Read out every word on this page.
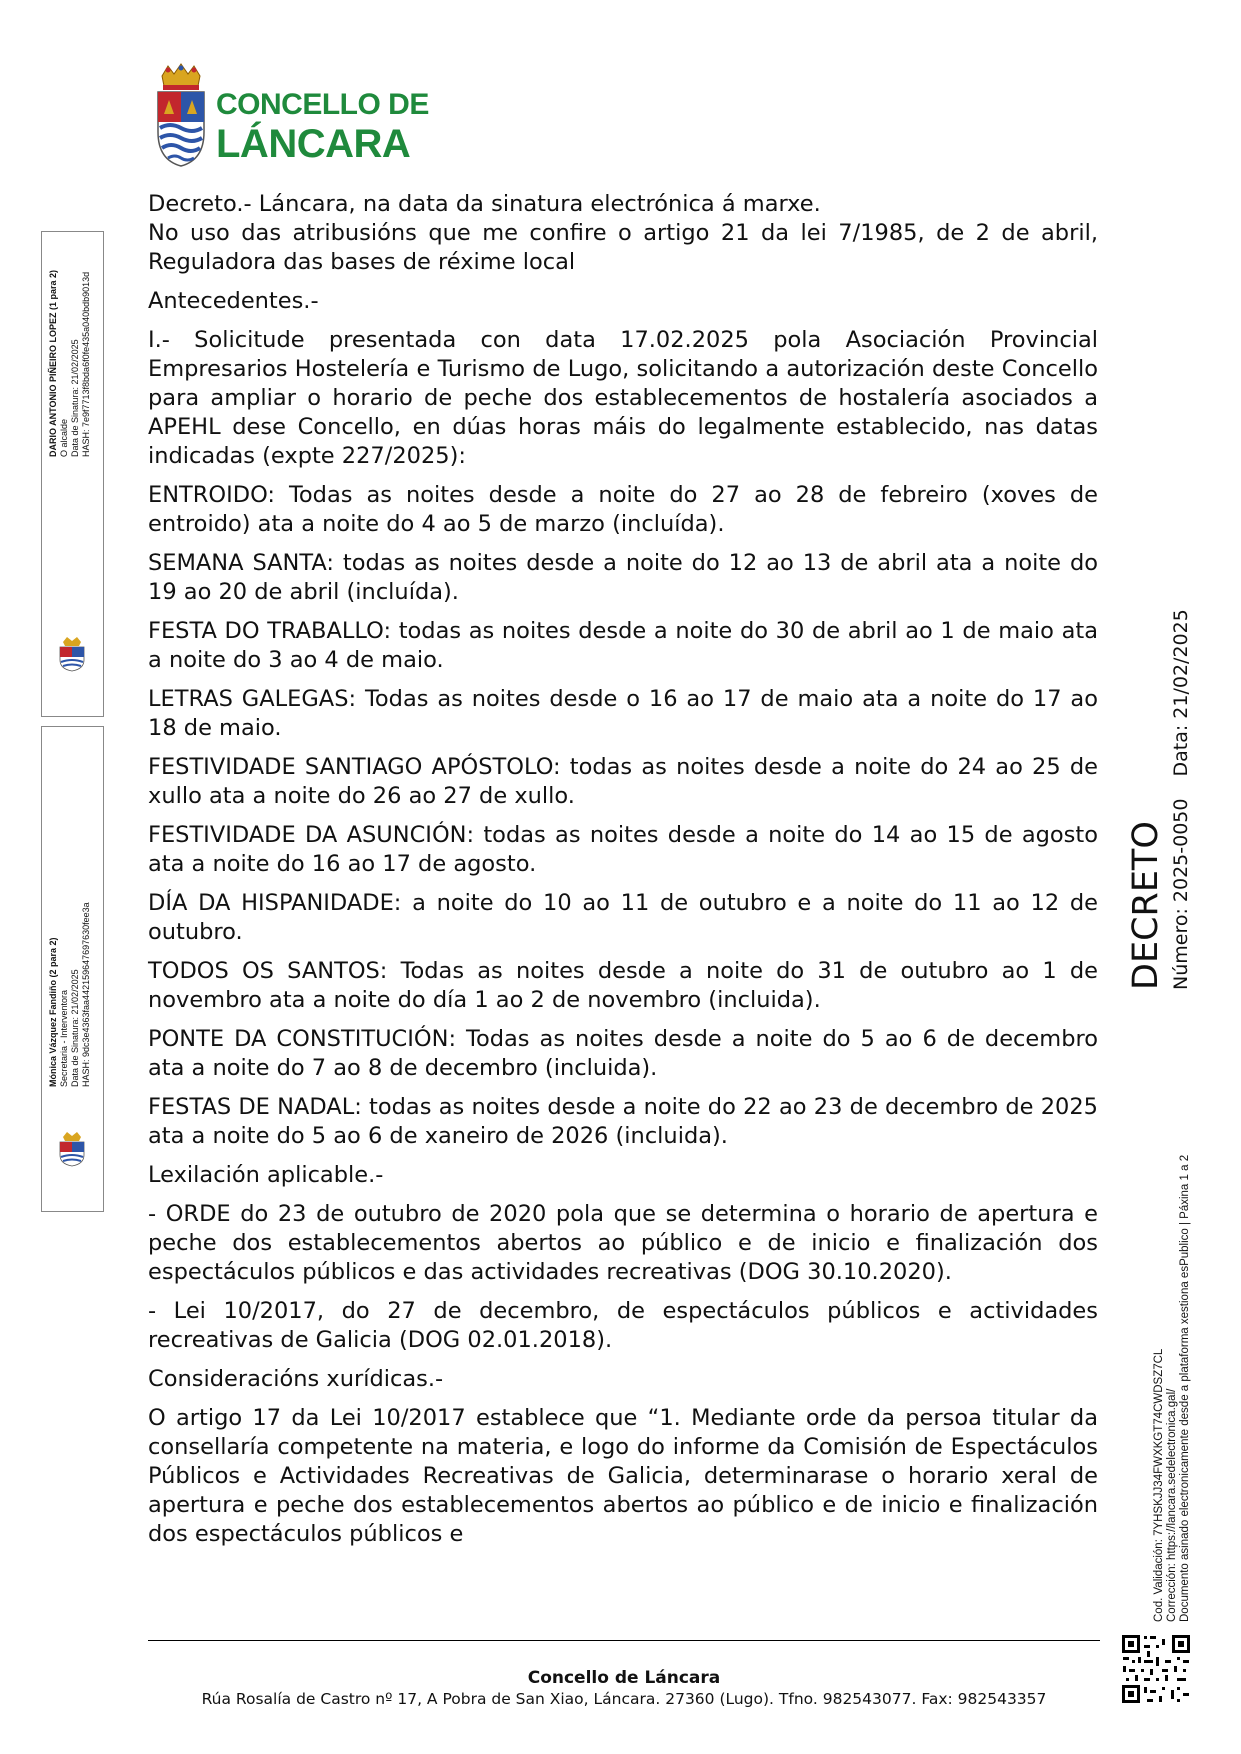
CONCELLO DE
LÁNCARA

Decreto.- Láncara, na data da sinatura electrónica á marxe.

No uso das atribusións que me confire o artigo 21 da lei 7/1985, de 2 de abril, Reguladora das bases de réxime local

Antecedentes.-

I.- Solicitude presentada con data 17.02.2025 pola Asociación Provincial Empresarios Hostelería e Turismo de Lugo, solicitando a autorización deste Concello para ampliar o horario de peche dos establecementos de hostalería asociados a APEHL dese Concello, en dúas horas máis do legalmente establecido, nas datas indicadas (expte 227/2025):

ENTROIDO: Todas as noites desde a noite do 27 ao 28 de febreiro (xoves de entroido) ata a noite do 4 ao 5 de marzo (incluída).

SEMANA SANTA: todas as noites desde a noite do 12 ao 13 de abril ata a noite do 19 ao 20 de abril (incluída).

FESTA DO TRABALLO: todas as noites desde a noite do 30 de abril ao 1 de maio ata a noite do 3 ao 4 de maio.

LETRAS GALEGAS: Todas as noites desde o 16 ao 17 de maio ata a noite do 17 ao 18 de maio.

FESTIVIDADE SANTIAGO APÓSTOLO: todas as noites desde a noite do 24 ao 25 de xullo ata a noite do 26 ao 27 de xullo.

FESTIVIDADE DA ASUNCIÓN: todas as noites desde a noite do 14 ao 15 de agosto ata a noite do 16 ao 17 de agosto.

DÍA DA HISPANIDADE: a noite do 10 ao 11 de outubro e a noite do 11 ao 12 de outubro.

TODOS OS SANTOS: Todas as noites desde a noite do 31 de outubro ao 1 de novembro ata a noite do día 1 ao 2 de novembro (incluida).

PONTE DA CONSTITUCIÓN: Todas as noites desde a noite do 5 ao 6 de decembro ata a noite do 7 ao 8 de decembro (incluida).

FESTAS DE NADAL: todas as noites desde a noite do 22 ao 23 de decembro de 2025 ata a noite do 5 ao 6 de xaneiro de 2026 (incluida).

Lexilación aplicable.-

- ORDE do 23 de outubro de 2020 pola que se determina o horario de apertura e peche dos establecementos abertos ao público e de inicio e finalización dos espectáculos públicos e das actividades recreativas (DOG 30.10.2020).

- Lei 10/2017, do 27 de decembro, de espectáculos públicos e actividades recreativas de Galicia (DOG 02.01.2018).

Consideracións xurídicas.-

O artigo 17 da Lei 10/2017 establece que “1. Mediante orde da persoa titular da consellaría competente na materia, e logo do informe da Comisión de Espectáculos Públicos e Actividades Recreativas de Galicia, determinarase o horario xeral de apertura e peche dos establecementos abertos ao público e de inicio e finalización dos espectáculos públicos e

DARIO ANTONIO PIÑEIRO LOPEZ (1 para 2) O alcalde Data de Sinatura: 21/02/2025 HASH: 7e9f7713f8bda6f0fe435a040bdb9013d
Mónica Vázquez Fandiño (2 para 2) Secretaria - Interventora Data de Sinatura: 21/02/2025 HASH: 9dc3e4363faa442159647697630fee3a	DECRETO Número: 2025-0050Data: 21/02/2025
Cod. Validación: 7YHSKJJ34FWXKGT74CWDSZ7CL Corrección: https://lancara.sedelectronica.gal/ Documento asinado electronicamente desde a plataforma xestiona esPublico | Páxina 1 a 2
Concello de Láncara
Rúa Rosalía de Castro nº 17, A Pobra de San Xiao, Láncara. 27360 (Lugo). Tfno. 982543077. Fax: 982543357
